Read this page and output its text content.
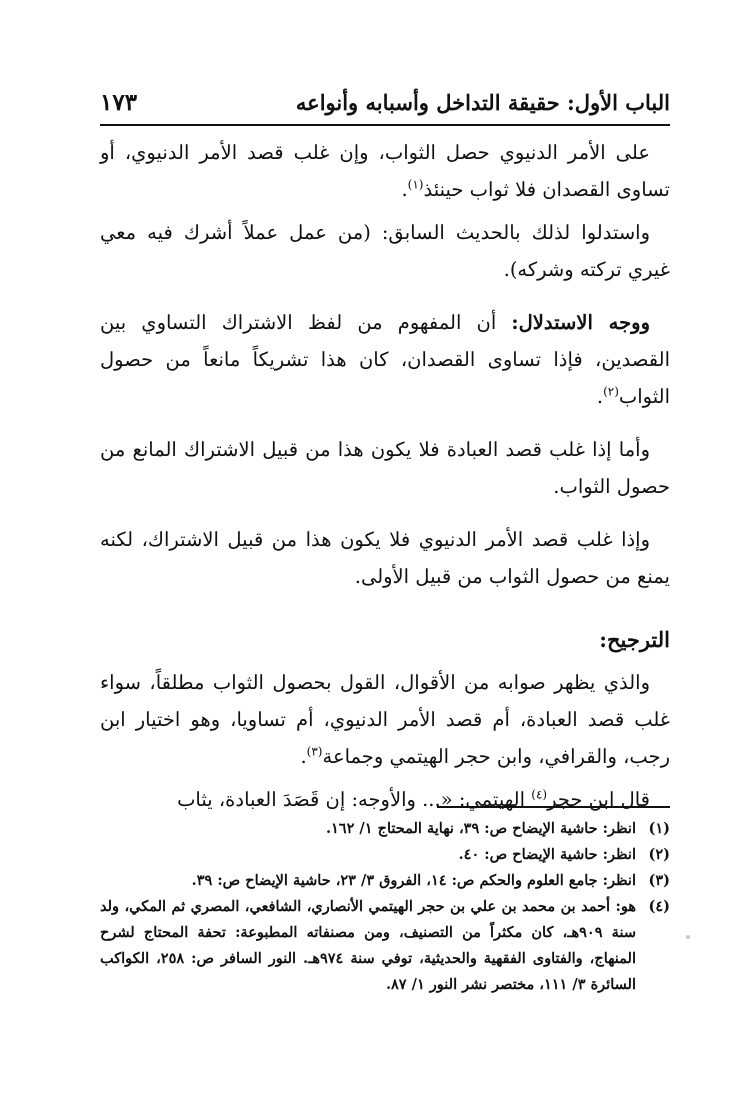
الباب الأول: حقيقة التداخل وأسبابه وأنواعه
١٧٣

على الأمر الدنيوي حصل الثواب، وإن غلب قصد الأمر الدنيوي، أو تساوى القصدان فلا ثواب حينئذ$^{(١)}$.

واستدلوا لذلك بالحديث السابق: (من عمل عملاً أشرك فيه معي غيري تركته وشركه).

ووجه الاستدلال: أن المفهوم من لفظ الاشتراك التساوي بين القصدين، فإذا تساوى القصدان، كان هذا تشريكاً مانعاً من حصول الثواب$^{(٢)}$.

وأما إذا غلب قصد العبادة فلا يكون هذا من قبيل الاشتراك المانع من حصول الثواب.

وإذا غلب قصد الأمر الدنيوي فلا يكون هذا من قبيل الاشتراك، لكنه يمنع من حصول الثواب من قبيل الأولى.

الترجيح:

والذي يظهر صوابه من الأقوال، القول بحصول الثواب مطلقاً، سواء غلب قصد العبادة، أم قصد الأمر الدنيوي، أم تساويا، وهو اختيار ابن رجب، والقرافي، وابن حجر الهيتمي وجماعة$^{(٣)}$.

قال ابن حجر$^{(٤)}$ الهيتمي: «... والأوجه: إن قَصَدَ العبادة، يثاب

(١)
انظر: حاشية الإيضاح ص: ٣٩، نهاية المحتاج ١/ ١٦٢.
(٢)
انظر: حاشية الإيضاح ص: ٤٠.
(٣)
انظر: جامع العلوم والحكم ص: ١٤، الفروق ٣/ ٢٣، حاشية الإيضاح ص: ٣٩.
(٤)
هو: أحمد بن محمد بن علي بن حجر الهيتمي الأنصاري، الشافعي، المصري ثم المكي، ولد سنة ٩٠٩هـ، كان مكثراً من التصنيف، ومن مصنفاته المطبوعة: تحفة المحتاج لشرح المنهاج، والفتاوى الفقهية والحديثية، توفي سنة ٩٧٤هـ. النور السافر ص: ٢٥٨، الكواكب السائرة ٣/ ١١١، مختصر نشر النور ١/ ٨٧.
